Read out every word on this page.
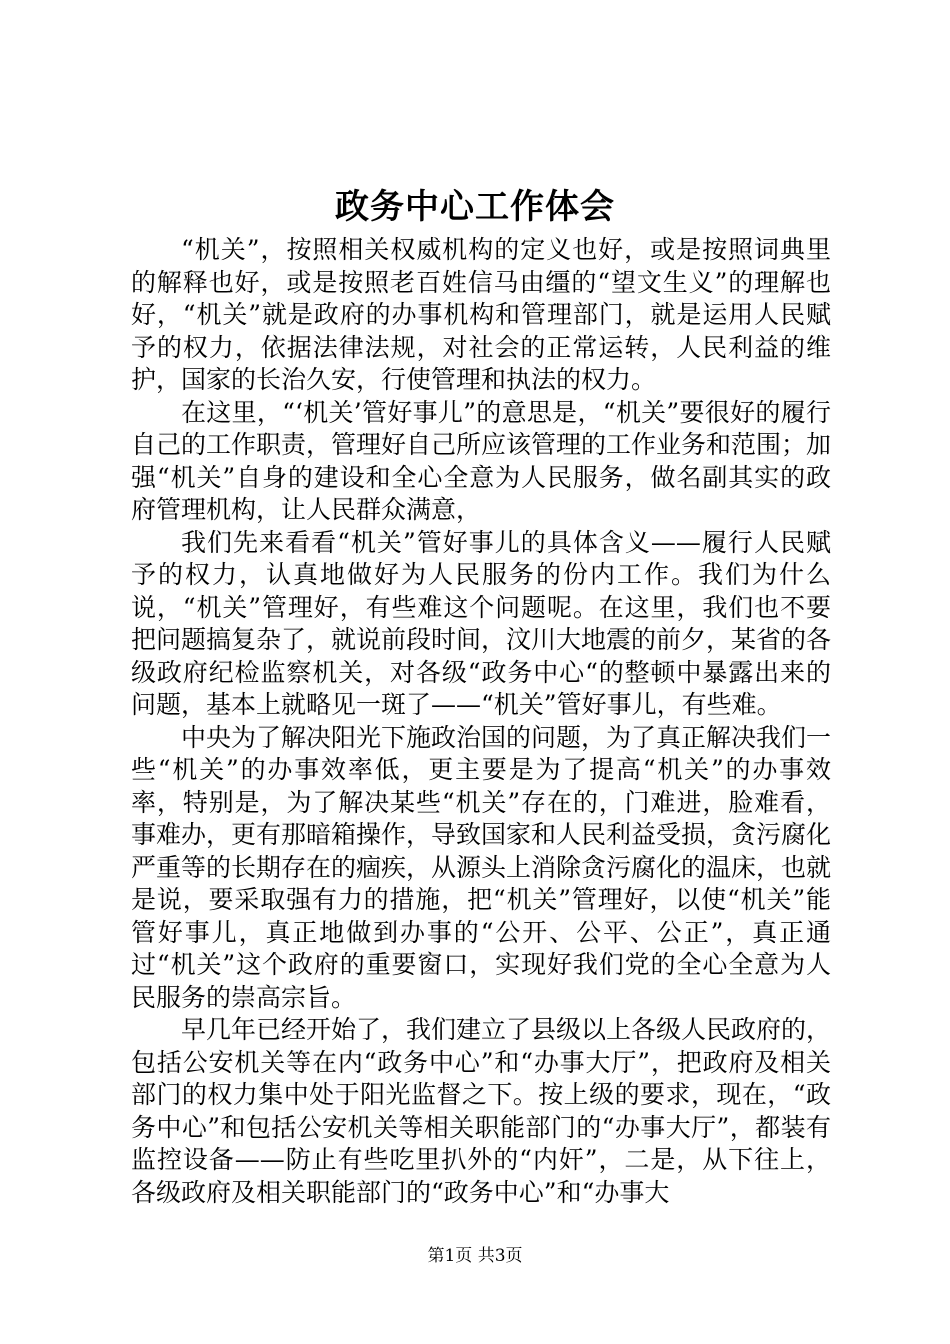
政务中心工作体会

“机关”，按照相关权威机构的定义也好，或是按照词典里的解释也好，或是按照老百姓信马由缰的“望文生义”的理解也好，“机关”就是政府的办事机构和管理部门，就是运用人民赋予的权力，依据法律法规，对社会的正常运转，人民利益的维护，国家的长治久安，行使管理和执法的权力。

在这里，“‘机关’管好事儿”的意思是，“机关”要很好的履行自己的工作职责，管理好自己所应该管理的工作业务和范围；加强“机关”自身的建设和全心全意为人民服务，做名副其实的政府管理机构，让人民群众满意，

我们先来看看“机关”管好事儿的具体含义——履行人民赋予的权力，认真地做好为人民服务的份内工作。我们为什么说，“机关”管理好，有些难这个问题呢。在这里，我们也不要把问题搞复杂了，就说前段时间，汶川大地震的前夕，某省的各级政府纪检监察机关，对各级“政务中心“的整顿中暴露出来的问题，基本上就略见一斑了——“机关”管好事儿，有些难。

中央为了解决阳光下施政治国的问题，为了真正解决我们一些“机关”的办事效率低，更主要是为了提高“机关”的办事效率，特别是，为了解决某些“机关”存在的，门难进，脸难看，事难办，更有那暗箱操作，导致国家和人民利益受损，贪污腐化严重等的长期存在的痼疾，从源头上消除贪污腐化的温床，也就是说，要采取强有力的措施，把“机关”管理好，以使“机关”能管好事儿，真正地做到办事的“公开、公平、公正”，真正通过“机关”这个政府的重要窗口，实现好我们党的全心全意为人民服务的崇高宗旨。

早几年已经开始了，我们建立了县级以上各级人民政府的，包括公安机关等在内“政务中心”和“办事大厅”，把政府及相关部门的权力集中处于阳光监督之下。按上级的要求，现在，“政务中心”和包括公安机关等相关职能部门的“办事大厅”，都装有监控设备——防止有些吃里扒外的“内奸”，二是，从下往上，各级政府及相关职能部门的“政务中心”和“办事大

第1页 共3页
